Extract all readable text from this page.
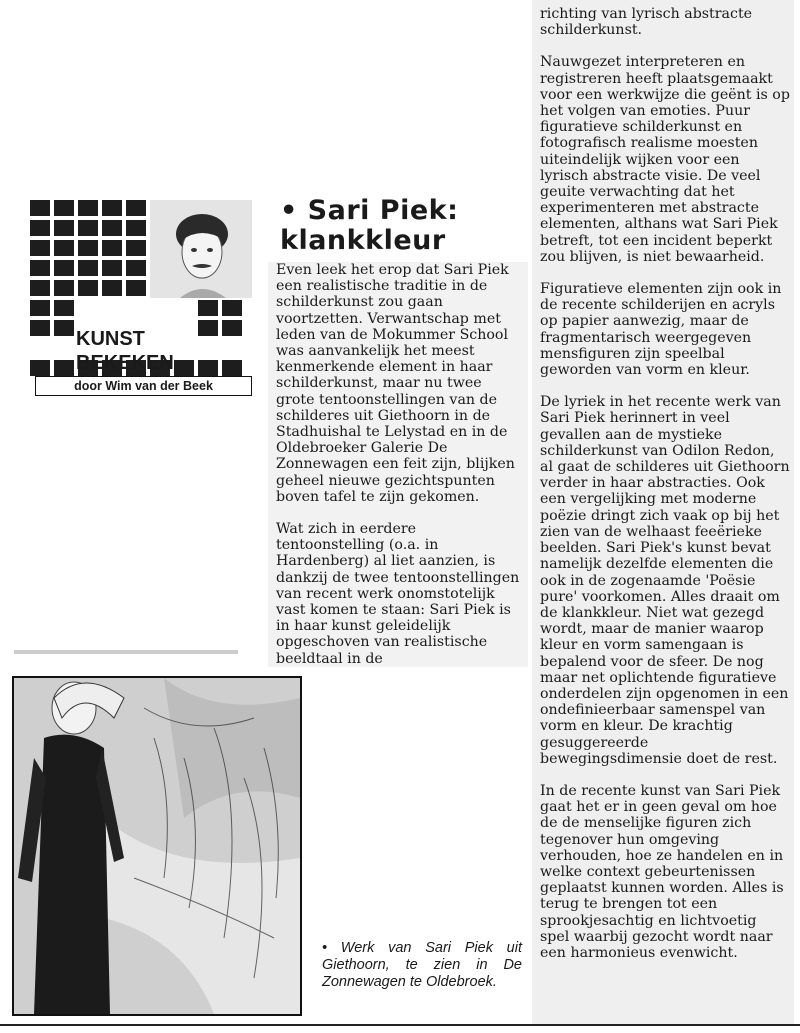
richting van lyrisch abstracte schilderkunst.

Nauwgezet interpreteren en registreren heeft plaatsgemaakt voor een werkwijze die geënt is op het volgen van emoties. Puur figuratieve schilderkunst en fotografisch realisme moesten uiteindelijk wijken voor een lyrisch abstracte visie. De veel geuite verwachting dat het experimenteren met abstracte elementen, althans wat Sari Piek betreft, tot een incident beperkt zou blijven, is niet bewaarheid.

Figuratieve elementen zijn ook in de recente schilderijen en acryls op papier aanwezig, maar de fragmentarisch weergegeven mensfiguren zijn speelbal geworden van vorm en kleur.

De lyriek in het recente werk van Sari Piek herinnert in veel gevallen aan de mystieke schilderkunst van Odilon Redon, al gaat de schilderes uit Giethoorn verder in haar abstracties. Ook een vergelijking met moderne poëzie dringt zich vaak op bij het zien van de welhaast feeërieke beelden. Sari Piek's kunst bevat namelijk dezelfde elementen die ook in de zogenaamde 'Poësie pure' voorkomen. Alles draait om de klankkleur. Niet wat gezegd wordt, maar de manier waarop kleur en vorm samengaan is bepalend voor de sfeer. De nog maar net oplichtende figuratieve onderdelen zijn opgenomen in een ondefinieerbaar samenspel van vorm en kleur. De krachtig gesuggereerde bewegingsdimensie doet de rest.

In de recente kunst van Sari Piek gaat het er in geen geval om hoe de de menselijke figuren zich tegenover hun omgeving verhouden, hoe ze handelen en in welke context gebeurtenissen geplaatst kunnen worden. Alles is terug te brengen tot een sprookjesachtig en lichtvoetig spel waarbij gezocht wordt naar een harmonieus evenwicht.

• Sari Piek: klankkleur

Even leek het erop dat Sari Piek een realistische traditie in de schilderkunst zou gaan voortzetten. Verwantschap met leden van de Mokummer School was aanvankelijk het meest kenmerkende element in haar schilderkunst, maar nu twee grote tentoonstellingen van de schilderes uit Giethoorn in de Stadhuishal te Lelystad en in de Oldebroeker Galerie De Zonnewagen een feit zijn, blijken geheel nieuwe gezichtspunten boven tafel te zijn gekomen.

Wat zich in eerdere tentoonstelling (o.a. in Hardenberg) al liet aanzien, is dankzij de twee tentoonstellingen van recent werk onomstotelijk vast komen te staan: Sari Piek is in haar kunst geleidelijk opgeschoven van realistische beeldtaal in de

KUNST
BEKEKEN
door Wim van der Beek
• Werk van Sari Piek uit Giethoorn, te zien in De Zonnewagen te Oldebroek.
